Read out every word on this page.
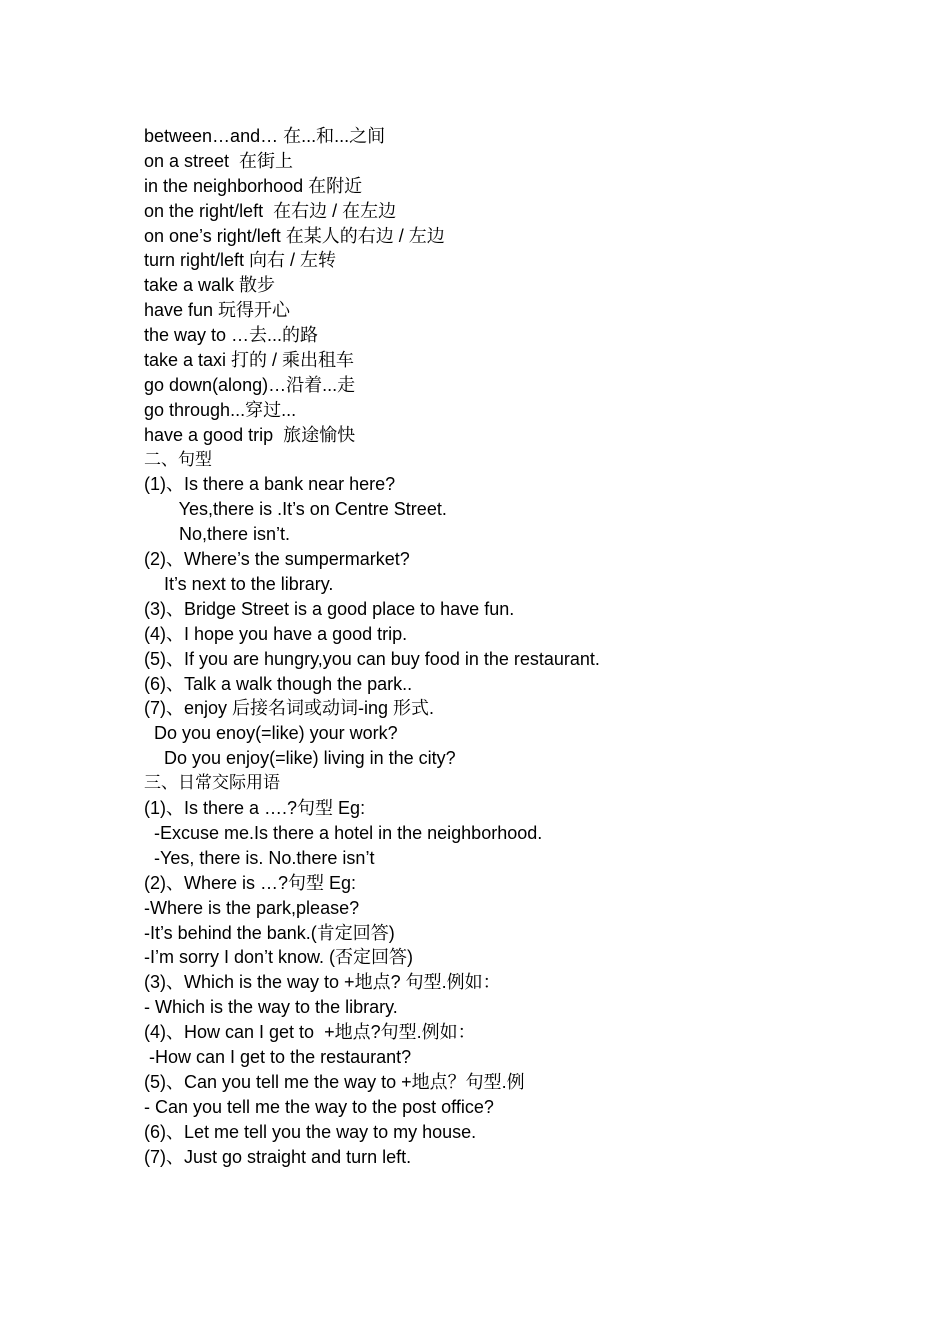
between…and… 在...和...之间
on a street  在街上
in the neighborhood 在附近
on the right/left  在右边 / 在左边
on one’s right/left 在某人的右边 / 左边
turn right/left 向右 / 左转
take a walk 散步
have fun 玩得开心
the way to …去...的路
take a taxi 打的 / 乘出租车
go down(along)…沿着...走
go through...穿过...
have a good trip  旅途愉快
二、句型
(1)、Is there a bank near here?
Yes,there is .It’s on Centre Street.
No,there isn’t.
(2)、Where’s the sumpermarket?
It’s next to the library.
(3)、Bridge Street is a good place to have fun.
(4)、I hope you have a good trip.
(5)、If you are hungry,you can buy food in the restaurant.
(6)、Talk a walk though the park..
(7)、enjoy 后接名词或动词-ing 形式.
Do you enoy(=like) your work?
Do you enjoy(=like) living in the city?
三、日常交际用语
(1)、Is there a ….?句型 Eg:
-Excuse me.Is there a hotel in the neighborhood.
-Yes, there is. No.there isn’t
(2)、Where is …?句型 Eg:
-Where is the park,please?
-It’s behind the bank.(肯定回答)
-I’m sorry I don’t know. (否定回答)
(3)、Which is the way to +地点? 句型.例如：
- Which is the way to the library.
(4)、How can I get to  +地点?句型.例如：
-How can I get to the restaurant?
(5)、Can you tell me the way to +地点？句型.例
- Can you tell me the way to the post office?
(6)、Let me tell you the way to my house.
(7)、Just go straight and turn left.
